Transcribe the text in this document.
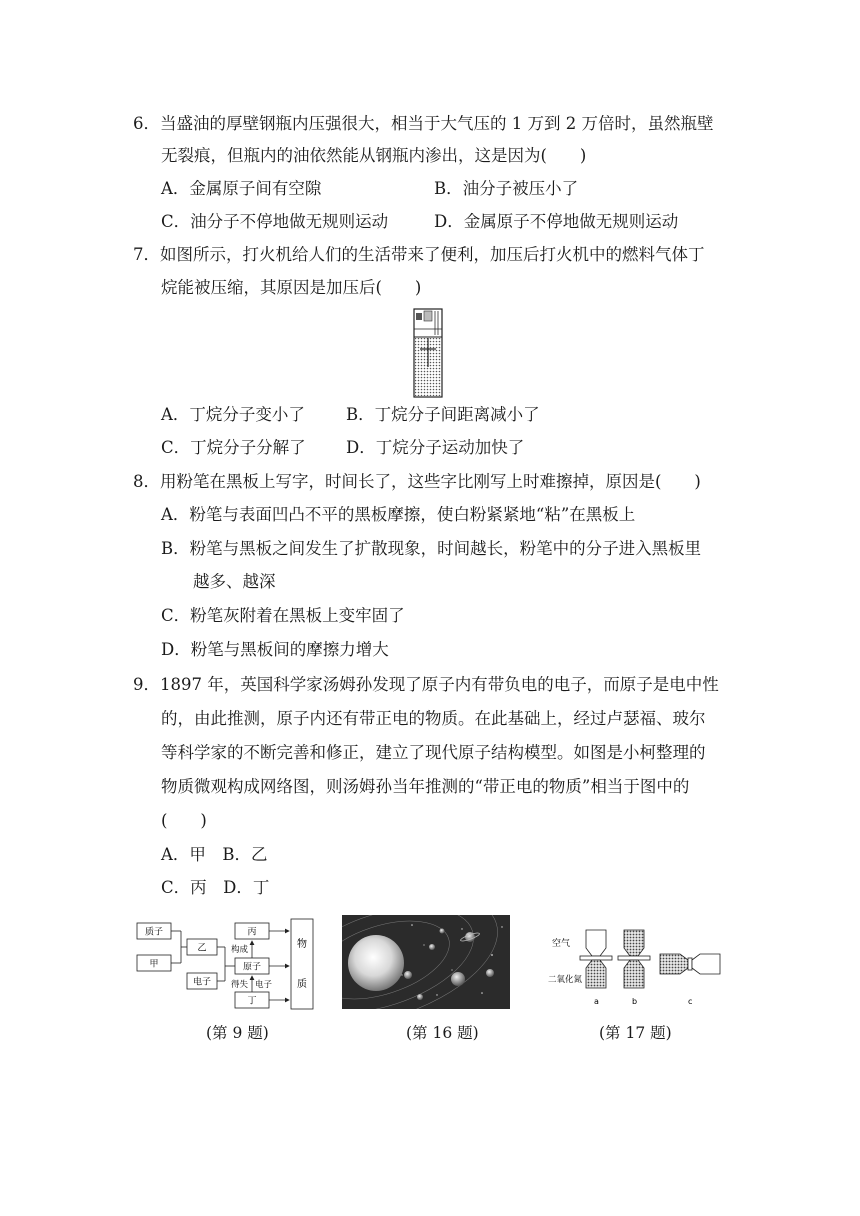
6．当盛油的厚壁钢瓶内压强很大，相当于大气压的 1 万到 2 万倍时，虽然瓶壁
无裂痕，但瓶内的油依然能从钢瓶内渗出，这是因为(　　)
A．金属原子间有空隙	B．油分子被压小了
C．油分子不停地做无规则运动	D．金属原子不停地做无规则运动
7．如图所示，打火机给人们的生活带来了便利，加压后打火机中的燃料气体丁
烷能被压缩，其原因是加压后(　　)
A．丁烷分子变小了 B．丁烷分子间距离减小了
C．丁烷分子分解了 D．丁烷分子运动加快了
8．用粉笔在黑板上写字，时间长了，这些字比刚写上时难擦掉，原因是(　　)
A．粉笔与表面凹凸不平的黑板摩擦，使白粉紧紧地“粘”在黑板上
B．粉笔与黑板之间发生了扩散现象，时间越长，粉笔中的分子进入黑板里
越多、越深
C．粉笔灰附着在黑板上变牢固了
D．粉笔与黑板间的摩擦力增大
9．1897 年，英国科学家汤姆孙发现了原子内有带负电的电子，而原子是电中性
的，由此推测，原子内还有带正电的物质。在此基础上，经过卢瑟福、玻尔
等科学家的不断完善和修正，建立了现代原子结构模型。如图是小柯整理的
物质微观构成网络图，则汤姆孙当年推测的“带正电的物质”相当于图中的
(　　)
A．甲　B．乙
C．丙　D．丁
质子
甲
乙
电子
丙
原子
丁
构成
得失 电子
物
质
(第 9 题)	(第 16 题)
空气
二氧化氮
a	b	c
(第 17 题)
